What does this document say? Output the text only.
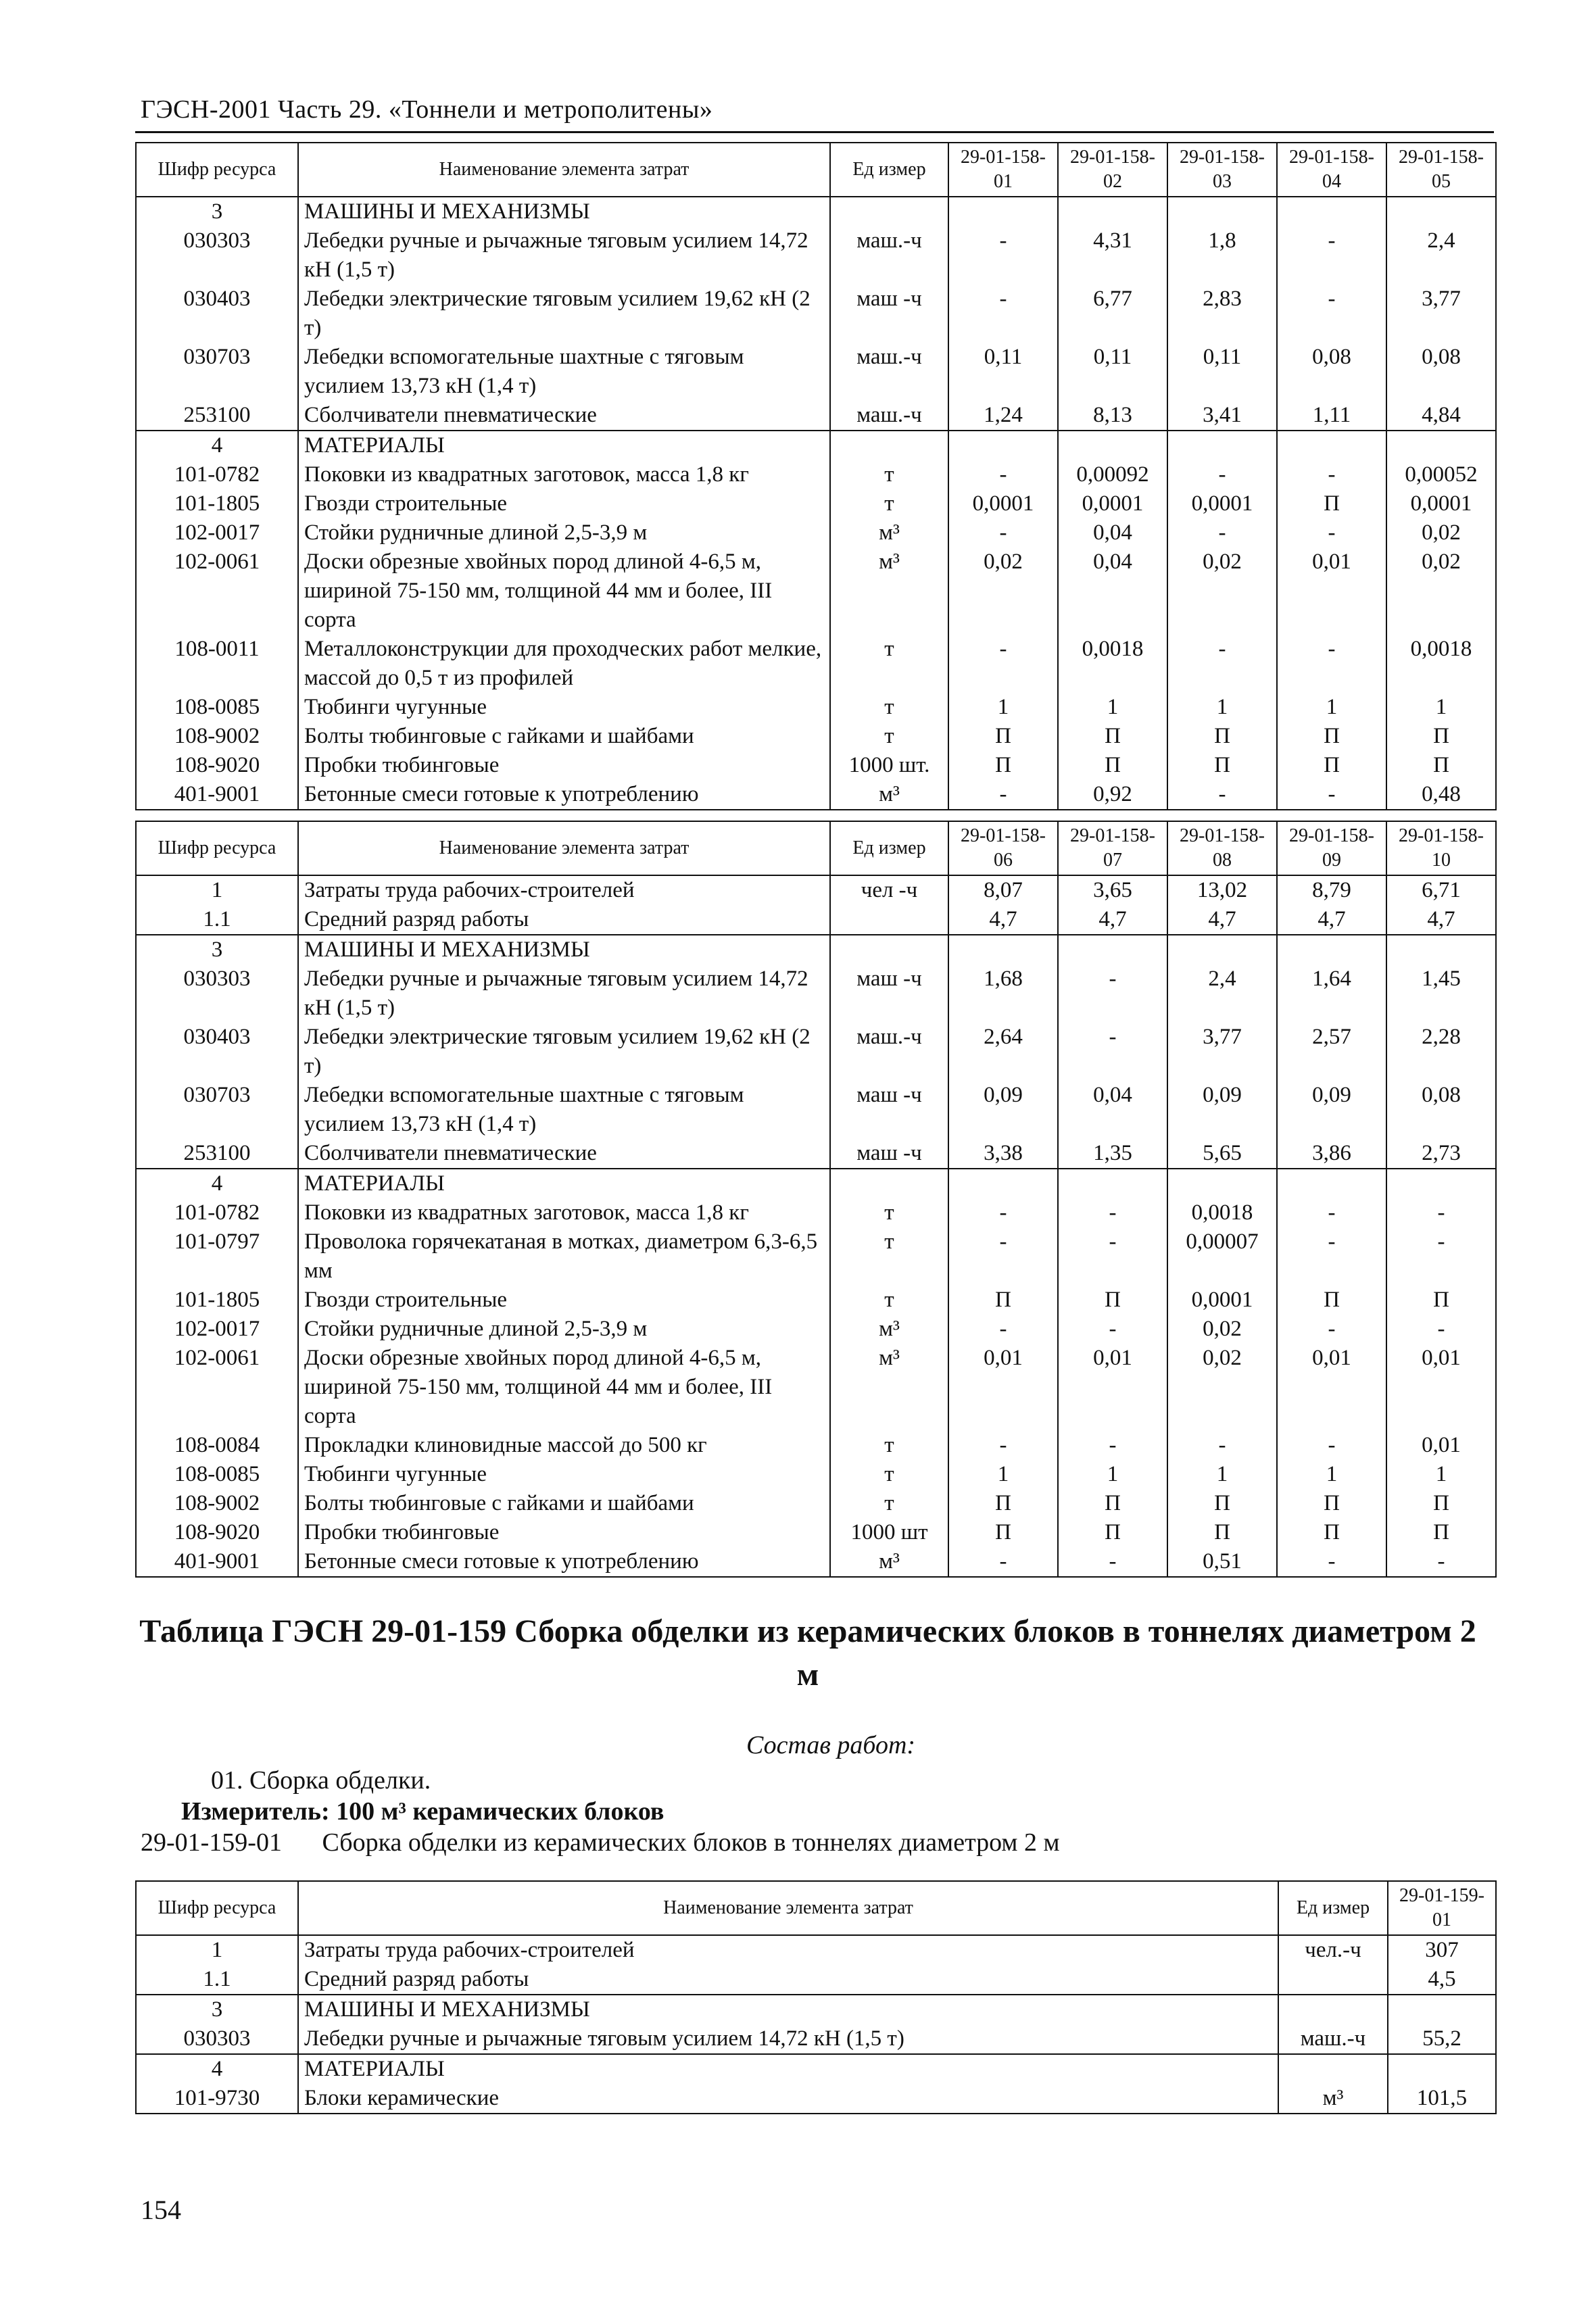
ГЭСН-2001 Часть 29. «Тоннели и метрополитены»
Шифр ресурса	Наименование элемента затрат	Ед измер	29-01-158-01	29-01-158-02	29-01-158-03	29-01-158-04	29-01-158-05
3	МАШИНЫ И МЕХАНИЗМЫ						
030303	Лебедки ручные и рычажные тяговым усилием 14,72 кН (1,5 т)	маш.-ч	-	4,31	1,8	-	2,4
030403	Лебедки электрические тяговым усилием 19,62 кН (2 т)	маш -ч	-	6,77	2,83	-	3,77
030703	Лебедки вспомогательные шахтные с тяговым усилием 13,73 кН (1,4 т)	маш.-ч	0,11	0,11	0,11	0,08	0,08
253100	Сболчиватели пневматические	маш.-ч	1,24	8,13	3,41	1,11	4,84
4	МАТЕРИАЛЫ						
101-0782	Поковки из квадратных заготовок, масса 1,8 кг	т	-	0,00092	-	-	0,00052
101-1805	Гвозди строительные	т	0,0001	0,0001	0,0001	П	0,0001
102-0017	Стойки рудничные длиной 2,5-3,9 м	м³	-	0,04	-	-	0,02
102-0061	Доски обрезные хвойных пород длиной 4-6,5 м, шириной 75-150 мм, толщиной 44 мм и более, III сорта	м³	0,02	0,04	0,02	0,01	0,02
108-0011	Металлоконструкции для проходческих работ мелкие, массой до 0,5 т из профилей	т	-	0,0018	-	-	0,0018
108-0085	Тюбинги чугунные	т	1	1	1	1	1
108-9002	Болты тюбинговые с гайками и шайбами	т	П	П	П	П	П
108-9020	Пробки тюбинговые	1000 шт.	П	П	П	П	П
401-9001	Бетонные смеси готовые к употреблению	м³	-	0,92	-	-	0,48
Шифр ресурса	Наименование элемента затрат	Ед измер	29-01-158-06	29-01-158-07	29-01-158-08	29-01-158-09	29-01-158-10
1	Затраты труда рабочих-строителей	чел -ч	8,07	3,65	13,02	8,79	6,71
1.1	Средний разряд работы		4,7	4,7	4,7	4,7	4,7
3	МАШИНЫ И МЕХАНИЗМЫ						
030303	Лебедки ручные и рычажные тяговым усилием 14,72 кН (1,5 т)	маш -ч	1,68	-	2,4	1,64	1,45
030403	Лебедки электрические тяговым усилием 19,62 кН (2 т)	маш.-ч	2,64	-	3,77	2,57	2,28
030703	Лебедки вспомогательные шахтные с тяговым усилием 13,73 кН (1,4 т)	маш -ч	0,09	0,04	0,09	0,09	0,08
253100	Сболчиватели пневматические	маш -ч	3,38	1,35	5,65	3,86	2,73
4	МАТЕРИАЛЫ						
101-0782	Поковки из квадратных заготовок, масса 1,8 кг	т	-	-	0,0018	-	-
101-0797	Проволока горячекатаная в мотках, диаметром 6,3-6,5 мм	т	-	-	0,00007	-	-
101-1805	Гвозди строительные	т	П	П	0,0001	П	П
102-0017	Стойки рудничные длиной 2,5-3,9 м	м³	-	-	0,02	-	-
102-0061	Доски обрезные хвойных пород длиной 4-6,5 м, шириной 75-150 мм, толщиной 44 мм и более, III сорта	м³	0,01	0,01	0,02	0,01	0,01
108-0084	Прокладки клиновидные массой до 500 кг	т	-	-	-	-	0,01
108-0085	Тюбинги чугунные	т	1	1	1	1	1
108-9002	Болты тюбинговые с гайками и шайбами	т	П	П	П	П	П
108-9020	Пробки тюбинговые	1000 шт	П	П	П	П	П
401-9001	Бетонные смеси готовые к употреблению	м³	-	-	0,51	-	-
Таблица ГЭСН 29-01-159 Сборка обделки из керамических блоков в тоннелях диаметром 2 м
Состав работ:
01. Сборка обделки.
Измеритель: 100 м³ керамических блоков
29-01-159-01 Сборка обделки из керамических блоков в тоннелях диаметром 2 м
Шифр ресурса	Наименование элемента затрат	Ед измер	29-01-159-01
1	Затраты труда рабочих-строителей	чел.-ч	307
1.1	Средний разряд работы		4,5
3	МАШИНЫ И МЕХАНИЗМЫ		
030303	Лебедки ручные и рычажные тяговым усилием 14,72 кН (1,5 т)	маш.-ч	55,2
4	МАТЕРИАЛЫ		
101-9730	Блоки керамические	м³	101,5
154
